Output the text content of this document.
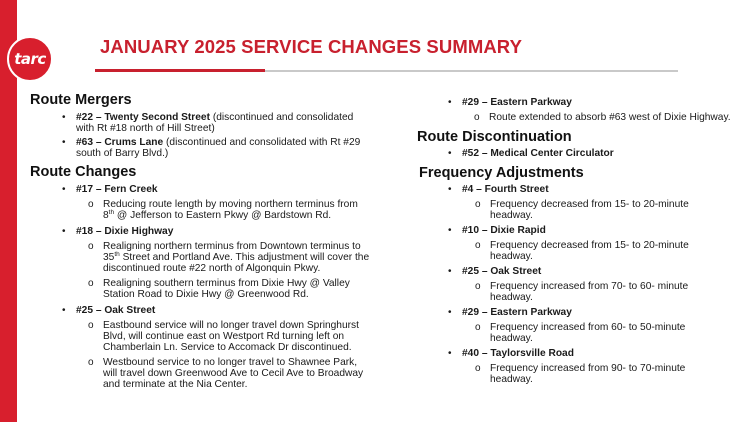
tarc
JANUARY 2025 SERVICE CHANGES SUMMARY
Route Mergers
• #22 – Twenty Second Street (discontinued and consolidated
with Rt #18 north of Hill Street)
• #63 – Crums Lane (discontinued and consolidated with Rt #29
south of Barry Blvd.)
Route Changes
• #17 – Fern Creek
o Reducing route length by moving northern terminus from
8th @ Jefferson to Eastern Pkwy @ Bardstown Rd.
• #18 – Dixie Highway
o Realigning northern terminus from Downtown terminus to
35th Street and Portland Ave. This adjustment will cover the
discontinued route #22 north of Algonquin Pkwy.
o Realigning southern terminus from Dixie Hwy @ Valley
Station Road to Dixie Hwy @ Greenwood Rd.
• #25 – Oak Street
o Eastbound service will no longer travel down Springhurst
Blvd, will continue east on Westport Rd turning left on
Chamberlain Ln. Service to Accomack Dr discontinued.
o Westbound service to no longer travel to Shawnee Park,
will travel down Greenwood Ave to Cecil Ave to Broadway
and terminate at the Nia Center.
• #29 – Eastern Parkway
o Route extended to absorb #63 west of Dixie Highway.
Route Discontinuation
• #52 – Medical Center Circulator
Frequency Adjustments
• #4 – Fourth Street
o Frequency decreased from 15- to 20-minute
headway.
• #10 – Dixie Rapid
o Frequency decreased from 15- to 20-minute
headway.
• #25 – Oak Street
o Frequency increased from 70- to 60- minute
headway.
• #29 – Eastern Parkway
o Frequency increased from 60- to 50-minute
headway.
• #40 – Taylorsville Road
o Frequency increased from 90- to 70-minute
headway.
